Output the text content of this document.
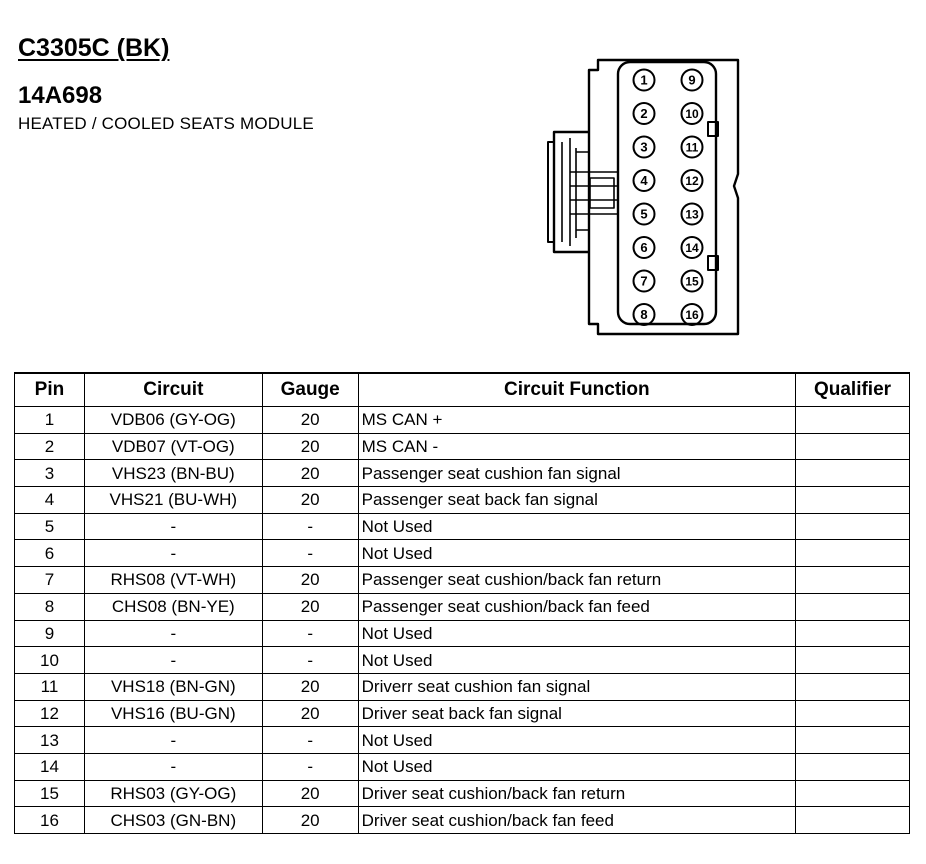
C3305C (BK)
14A698
HEATED / COOLED SEATS MODULE
1
2
3
4
5
6
7
8
9
10
11
12
13
14
15
16
Pin	Circuit	Gauge	Circuit Function	Qualifier
1	VDB06 (GY-OG)	20	MS CAN +	
2	VDB07 (VT-OG)	20	MS CAN -	
3	VHS23 (BN-BU)	20	Passenger seat cushion fan signal	
4	VHS21 (BU-WH)	20	Passenger seat back fan signal	
5	-	-	Not Used	
6	-	-	Not Used	
7	RHS08 (VT-WH)	20	Passenger seat cushion/back fan return	
8	CHS08 (BN-YE)	20	Passenger seat cushion/back fan feed	
9	-	-	Not Used	
10	-	-	Not Used	
11	VHS18 (BN-GN)	20	Driverr seat cushion fan signal	
12	VHS16 (BU-GN)	20	Driver seat back fan signal	
13	-	-	Not Used	
14	-	-	Not Used	
15	RHS03 (GY-OG)	20	Driver seat cushion/back fan return	
16	CHS03 (GN-BN)	20	Driver seat cushion/back fan feed	
